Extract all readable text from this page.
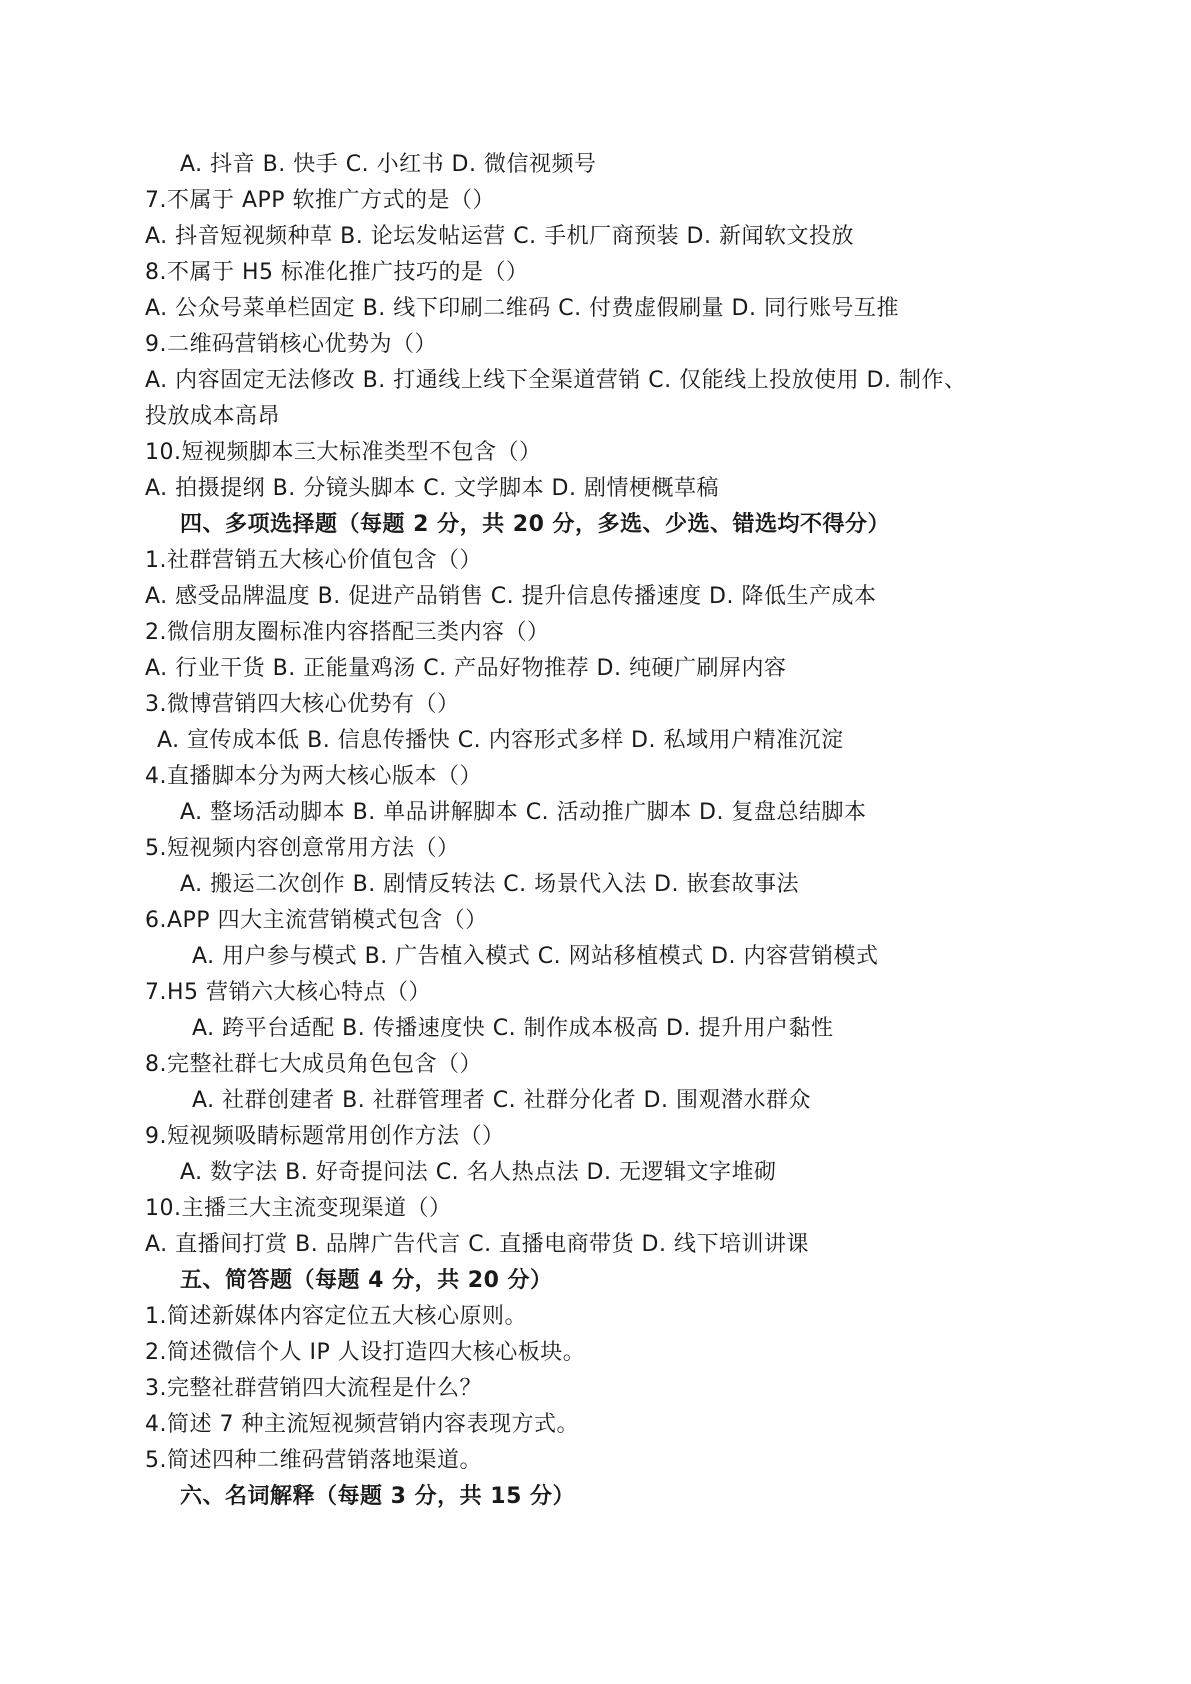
A. 抖音 B. 快手 C. 小红书 D. 微信视频号
7.不属于 APP 软推广方式的是（）
A. 抖音短视频种草 B. 论坛发帖运营 C. 手机厂商预装 D. 新闻软文投放
8.不属于 H5 标准化推广技巧的是（）
A. 公众号菜单栏固定 B. 线下印刷二维码 C. 付费虚假刷量 D. 同行账号互推
9.二维码营销核心优势为（）
A. 内容固定无法修改 B. 打通线上线下全渠道营销 C. 仅能线上投放使用 D. 制作、
投放成本高昂
10.短视频脚本三大标准类型不包含（）
A. 拍摄提纲 B. 分镜头脚本 C. 文学脚本 D. 剧情梗概草稿
四、多项选择题（每题 2 分，共 20 分，多选、少选、错选均不得分）
1.社群营销五大核心价值包含（）
A. 感受品牌温度 B. 促进产品销售 C. 提升信息传播速度 D. 降低生产成本
2.微信朋友圈标准内容搭配三类内容（）
A. 行业干货 B. 正能量鸡汤 C. 产品好物推荐 D. 纯硬广刷屏内容
3.微博营销四大核心优势有（）
A. 宣传成本低 B. 信息传播快 C. 内容形式多样 D. 私域用户精准沉淀
4.直播脚本分为两大核心版本（）
A. 整场活动脚本 B. 单品讲解脚本 C. 活动推广脚本 D. 复盘总结脚本
5.短视频内容创意常用方法（）
A. 搬运二次创作 B. 剧情反转法 C. 场景代入法 D. 嵌套故事法
6.APP 四大主流营销模式包含（）
A. 用户参与模式 B. 广告植入模式 C. 网站移植模式 D. 内容营销模式
7.H5 营销六大核心特点（）
A. 跨平台适配 B. 传播速度快 C. 制作成本极高 D. 提升用户黏性
8.完整社群七大成员角色包含（）
A. 社群创建者 B. 社群管理者 C. 社群分化者 D. 围观潜水群众
9.短视频吸睛标题常用创作方法（）
A. 数字法 B. 好奇提问法 C. 名人热点法 D. 无逻辑文字堆砌
10.主播三大主流变现渠道（）
A. 直播间打赏 B. 品牌广告代言 C. 直播电商带货 D. 线下培训讲课
五、简答题（每题 4 分，共 20 分）
1.简述新媒体内容定位五大核心原则。
2.简述微信个人 IP 人设打造四大核心板块。
3.完整社群营销四大流程是什么？
4.简述 7 种主流短视频营销内容表现方式。
5.简述四种二维码营销落地渠道。
六、名词解释（每题 3 分，共 15 分）
